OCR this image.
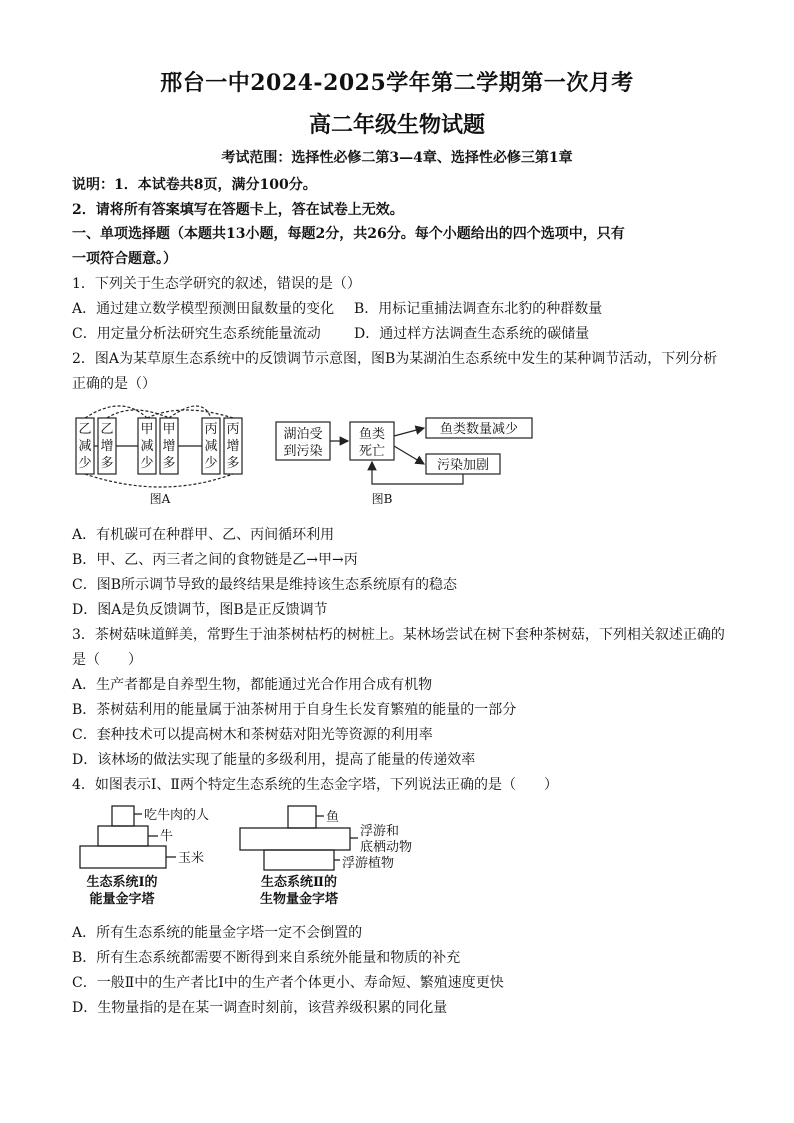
邢台一中2024-2025学年第二学期第一次月考
高二年级生物试题
考试范围：选择性必修二第3—4章、选择性必修三第1章
说明：1．本试卷共8页，满分100分。
2．请将所有答案填写在答题卡上，答在试卷上无效。
一、单项选择题（本题共13小题，每题2分，共26分。每个小题给出的四个选项中，只有
一项符合题意。）
1．下列关于生态学研究的叙述，错误的是（）
A．通过建立数学模型预测田鼠数量的变化 B．用标记重捕法调查东北豹的种群数量
C．用定量分析法研究生态系统能量流动 D．通过样方法调查生态系统的碳储量
2．图A为某草原生态系统中的反馈调节示意图，图B为某湖泊生态系统中发生的某种调节活动，下列分析
正确的是（）
乙
减
少
乙
增
多
甲
减
少
甲
增
多
丙
减
少
丙
增
多
图A
湖泊受
到污染
鱼类
死亡
鱼类数量减少
污染加剧
图B
A．有机碳可在种群甲、乙、丙间循环利用
B．甲、乙、丙三者之间的食物链是乙→甲→丙
C．图B所示调节导致的最终结果是维持该生态系统原有的稳态
D．图A是负反馈调节，图B是正反馈调节
3．茶树菇味道鲜美，常野生于油茶树枯朽的树桩上。某林场尝试在树下套种茶树菇，下列相关叙述正确的
是（　　）
A．生产者都是自养型生物，都能通过光合作用合成有机物
B．茶树菇利用的能量属于油茶树用于自身生长发育繁殖的能量的一部分
C．套种技术可以提高树木和茶树菇对阳光等资源的利用率
D．该林场的做法实现了能量的多级利用，提高了能量的传递效率
4．如图表示Ⅰ、Ⅱ两个特定生态系统的生态金字塔，下列说法正确的是（　　）
吃牛肉的人
牛
玉米
生态系统Ⅰ的
能量金字塔
鱼
浮游和
底栖动物
浮游植物
生态系统Ⅱ的
生物量金字塔
A．所有生态系统的能量金字塔一定不会倒置的
B．所有生态系统都需要不断得到来自系统外能量和物质的补充
C．一般Ⅱ中的生产者比Ⅰ中的生产者个体更小、寿命短、繁殖速度更快
D．生物量指的是在某一调查时刻前，该营养级积累的同化量
